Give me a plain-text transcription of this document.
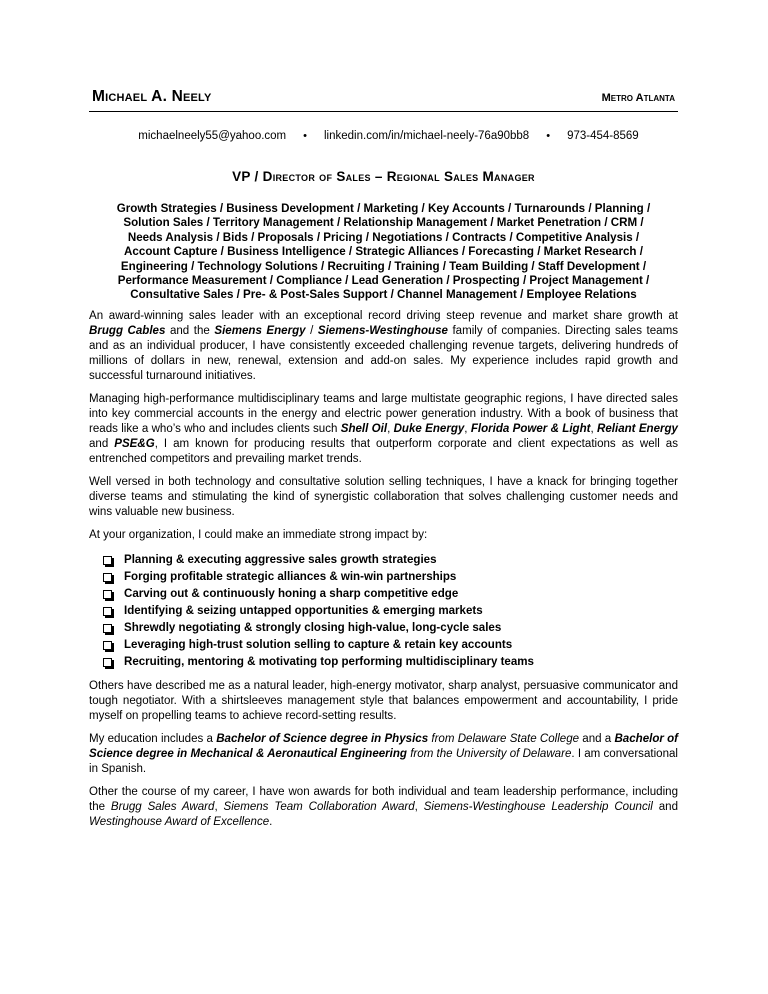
Michael A. Neely	Metro Atlanta
michaelneely55@yahoo.com • linkedin.com/in/michael-neely-76a90bb8 • 973-454-8569
VP / Director of Sales – Regional Sales Manager
Growth Strategies / Business Development / Marketing / Key Accounts / Turnarounds / Planning /
Solution Sales / Territory Management / Relationship Management / Market Penetration / CRM /
Needs Analysis / Bids / Proposals / Pricing / Negotiations / Contracts / Competitive Analysis /
Account Capture / Business Intelligence / Strategic Alliances / Forecasting / Market Research /
Engineering / Technology Solutions / Recruiting / Training / Team Building / Staff Development /
Performance Measurement / Compliance / Lead Generation / Prospecting / Project Management /
Consultative Sales / Pre- & Post-Sales Support / Channel Management / Employee Relations

An award-winning sales leader with an exceptional record driving steep revenue and market share growth at Brugg Cables and the Siemens Energy / Siemens-Westinghouse family of companies. Directing sales teams and as an individual producer, I have consistently exceeded challenging revenue targets, delivering hundreds of millions of dollars in new, renewal, extension and add-on sales. My experience includes rapid growth and successful turnaround initiatives.

Managing high-performance multidisciplinary teams and large multistate geographic regions, I have directed sales into key commercial accounts in the energy and electric power generation industry. With a book of business that reads like a who’s who and includes clients such Shell Oil, Duke Energy, Florida Power & Light, Reliant Energy and PSE&G, I am known for producing results that outperform corporate and client expectations as well as entrenched competitors and prevailing market trends.

Well versed in both technology and consultative solution selling techniques, I have a knack for bringing together diverse teams and stimulating the kind of synergistic collaboration that solves challenging customer needs and wins valuable new business.

At your organization, I could make an immediate strong impact by:

Planning & executing aggressive sales growth strategies
Forging profitable strategic alliances & win-win partnerships
Carving out & continuously honing a sharp competitive edge
Identifying & seizing untapped opportunities & emerging markets
Shrewdly negotiating & strongly closing high-value, long-cycle sales
Leveraging high-trust solution selling to capture & retain key accounts
Recruiting, mentoring & motivating top performing multidisciplinary teams

Others have described me as a natural leader, high-energy motivator, sharp analyst, persuasive communicator and tough negotiator. With a shirtsleeves management style that balances empowerment and accountability, I pride myself on propelling teams to achieve record-setting results.

My education includes a Bachelor of Science degree in Physics from Delaware State College and a Bachelor of Science degree in Mechanical & Aeronautical Engineering from the University of Delaware. I am conversational in Spanish.

Other the course of my career, I have won awards for both individual and team leadership performance, including the Brugg Sales Award, Siemens Team Collaboration Award, Siemens-Westinghouse Leadership Council and Westinghouse Award of Excellence.
